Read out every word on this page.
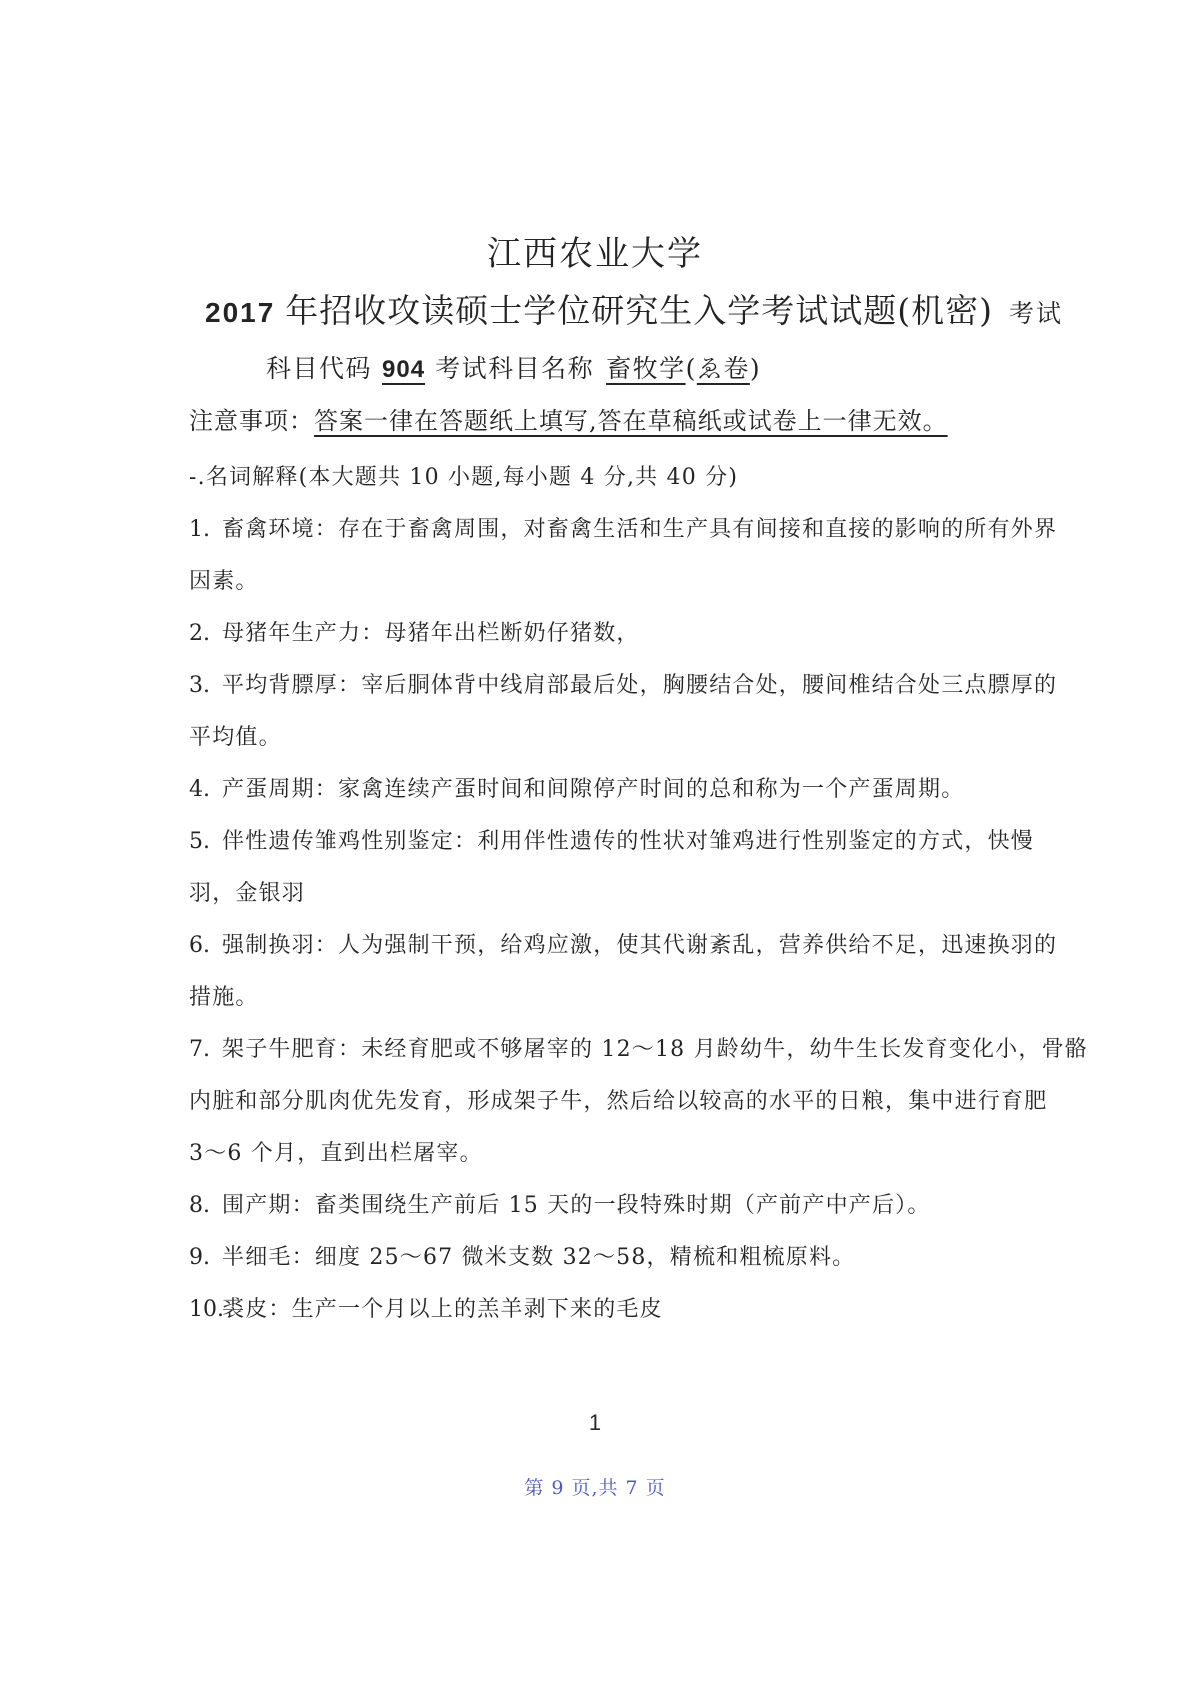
江西农业大学
2017 年招收攻读硕士学位研究生入学考试试题(机密) 考试
科目代码 904 考试科目名称 畜牧学(ゑ卷)
注意事项：答案一律在答题纸上填写,答在草稿纸或试卷上一律无效。

-.名词解释(本大题共 10 小题,每小题 4 分,共 40 分)

1. 畜禽环境：存在于畜禽周围，对畜禽生活和生产具有间接和直接的影响的所有外界

因素。

2. 母猪年生产力：母猪年出栏断奶仔猪数，

3. 平均背膘厚：宰后胴体背中线肩部最后处，胸腰结合处，腰间椎结合处三点膘厚的

平均值。

4. 产蛋周期：家禽连续产蛋时间和间隙停产时间的总和称为一个产蛋周期。

5. 伴性遗传雏鸡性别鉴定：利用伴性遗传的性状对雏鸡进行性别鉴定的方式，快慢

羽，金银羽

6. 强制换羽：人为强制干预，给鸡应激，使其代谢紊乱，营养供给不足，迅速换羽的

措施。

7. 架子牛肥育：未经育肥或不够屠宰的 12～18 月龄幼牛，幼牛生长发育变化小，骨骼

内脏和部分肌肉优先发育，形成架子牛，然后给以较高的水平的日粮，集中进行育肥

3～6 个月，直到出栏屠宰。

8. 围产期：畜类围绕生产前后 15 天的一段特殊时期（产前产中产后）。

9. 半细毛：细度 25～67 微米支数 32～58，精梳和粗梳原料。

10.裘皮：生产一个月以上的羔羊剥下来的毛皮

1
第 9 页,共 7 页
